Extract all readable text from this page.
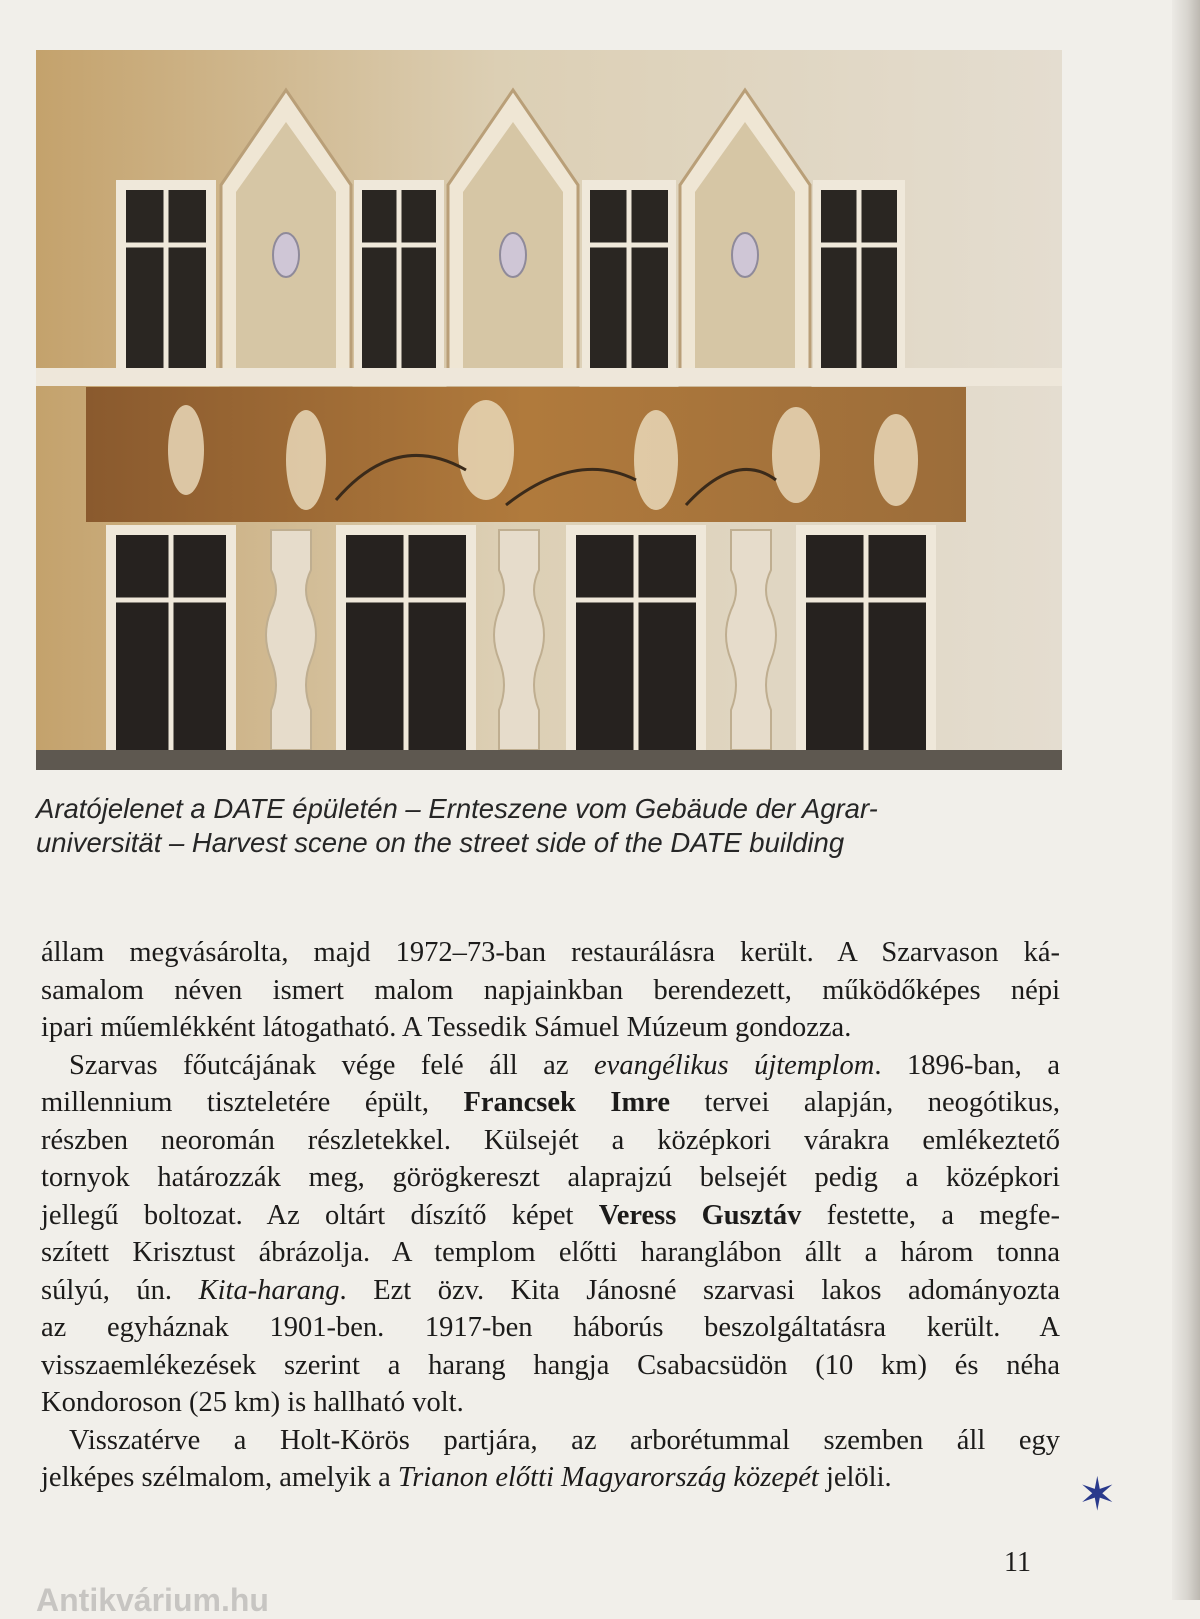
Aratójelenet a DATE épületén – Ernteszene vom Gebäude der Agrar-
universität – Harvest scene on the street side of the DATE building
állam megvásárolta, majd 1972–73-ban restaurálásra került. A Szarvason ká-
samalom néven ismert malom napjainkban berendezett, működőképes népi
ipari műemlékként látogatható. A Tessedik Sámuel Múzeum gondozza.
Szarvas főutcájának vége felé áll az evangélikus újtemplom. 1896-ban, a
millennium tiszteletére épült, Francsek Imre tervei alapján, neogótikus,
részben neoromán részletekkel. Külsejét a középkori várakra emlékeztető
tornyok határozzák meg, görögkereszt alaprajzú belsejét pedig a középkori
jellegű boltozat. Az oltárt díszítő képet Veress Gusztáv festette, a megfe-
szített Krisztust ábrázolja. A templom előtti haranglábon állt a három tonna
súlyú, ún. Kita-harang. Ezt özv. Kita Jánosné szarvasi lakos adományozta
az egyháznak 1901-ben. 1917-ben háborús beszolgáltatásra került. A
visszaemlékezések szerint a harang hangja Csabacsüdön (10 km) és néha
Kondoroson (25 km) is hallható volt.
Visszatérve a Holt-Körös partjára, az arborétummal szemben áll egy
jelképes szélmalom, amelyik a Trianon előtti Magyarország közepét jelöli.	✶
11
Antikvárium.hu
